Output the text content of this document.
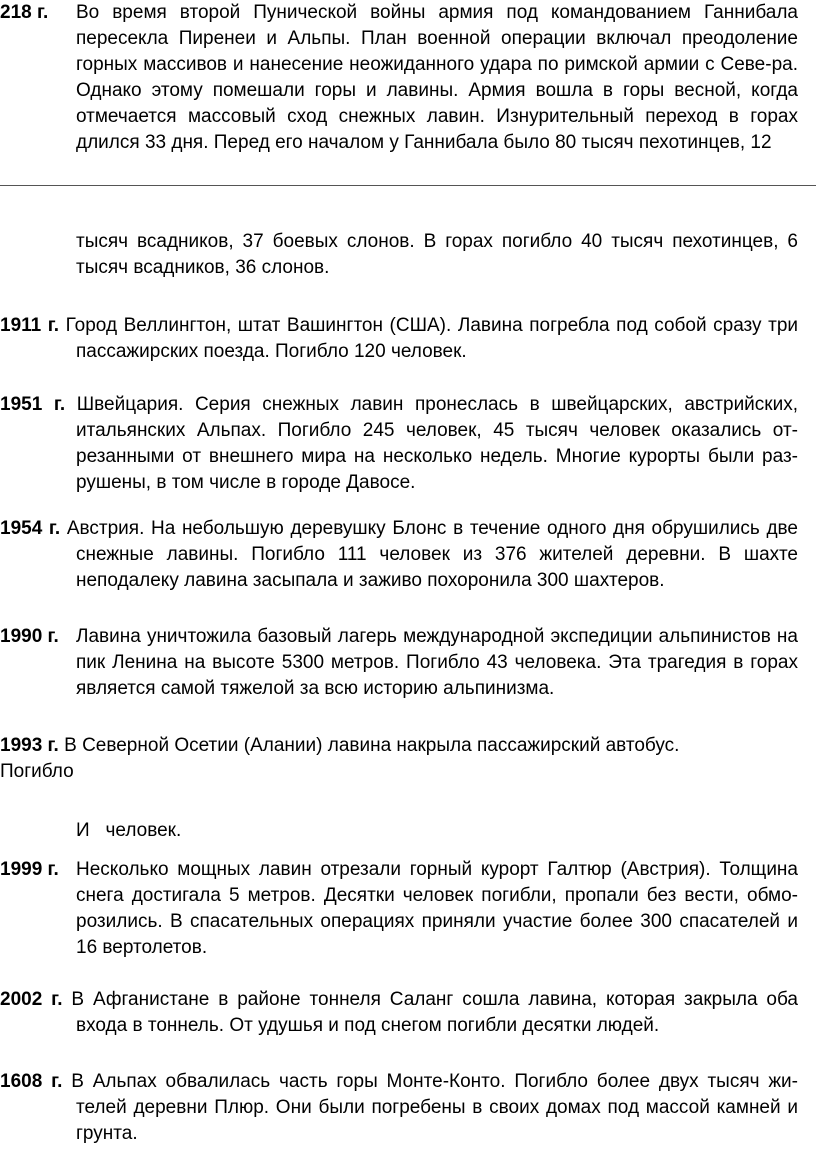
218 г. Во время второй Пунической войны армия под командованием Ганнибала пересекла Пиренеи и Альпы. План военной операции включал преодоление горных массивов и нанесение неожиданного удара по римской армии с Севе-ра. Однако этому помешали горы и лавины. Армия вошла в горы весной, когда отмечается массовый сход снежных лавин. Изнурительный переход в горах длился 33 дня. Перед его началом у Ганнибала было 80 тысяч пехотинцев, 12
тысяч всадников, 37 боевых слонов. В горах погибло 40 тысяч пехотинцев, 6 тысяч всадников, 36 слонов.
1911 г. Город Веллингтон, штат Вашингтон (США). Лавина погребла под собой сразу три пассажирских поезда. Погибло 120 человек.
1951 г. Швейцария. Серия снежных лавин пронеслась в швейцарских, австрийских, итальянских Альпах. Погибло 245 человек, 45 тысяч человек оказались от-резанными от внешнего мира на несколько недель. Многие курорты были раз-рушены, в том числе в городе Давосе.
1954 г. Австрия. На небольшую деревушку Блонс в течение одного дня обрушились две снежные лавины. Погибло 111 человек из 376 жителей деревни. В шахте неподалеку лавина засыпала и заживо похоронила 300 шахтеров.
1990 г. Лавина уничтожила базовый лагерь международной экспедиции альпинистов на пик Ленина на высоте 5300 метров. Погибло 43 человека. Эта трагедия в горах является самой тяжелой за всю историю альпинизма.
1993 г. В Северной Осетии (Алании) лавина накрыла пассажирский автобус.
Погибло
И   человек.
1999 г. Несколько мощных лавин отрезали горный курорт Галтюр (Австрия). Толщина снега достигала 5 метров. Десятки человек погибли, пропали без вести, обмо-розились. В спасательных операциях приняли участие более 300 спасателей и 16 вертолетов.
2002 г. В Афганистане в районе тоннеля Саланг сошла лавина, которая закрыла оба входа в тоннель. От удушья и под снегом погибли десятки людей.
1608 г. В Альпах обвалилась часть горы Монте-Конто. Погибло более двух тысяч жи-телей деревни Плюр. Они были погребены в своих домах под массой камней и грунта.
